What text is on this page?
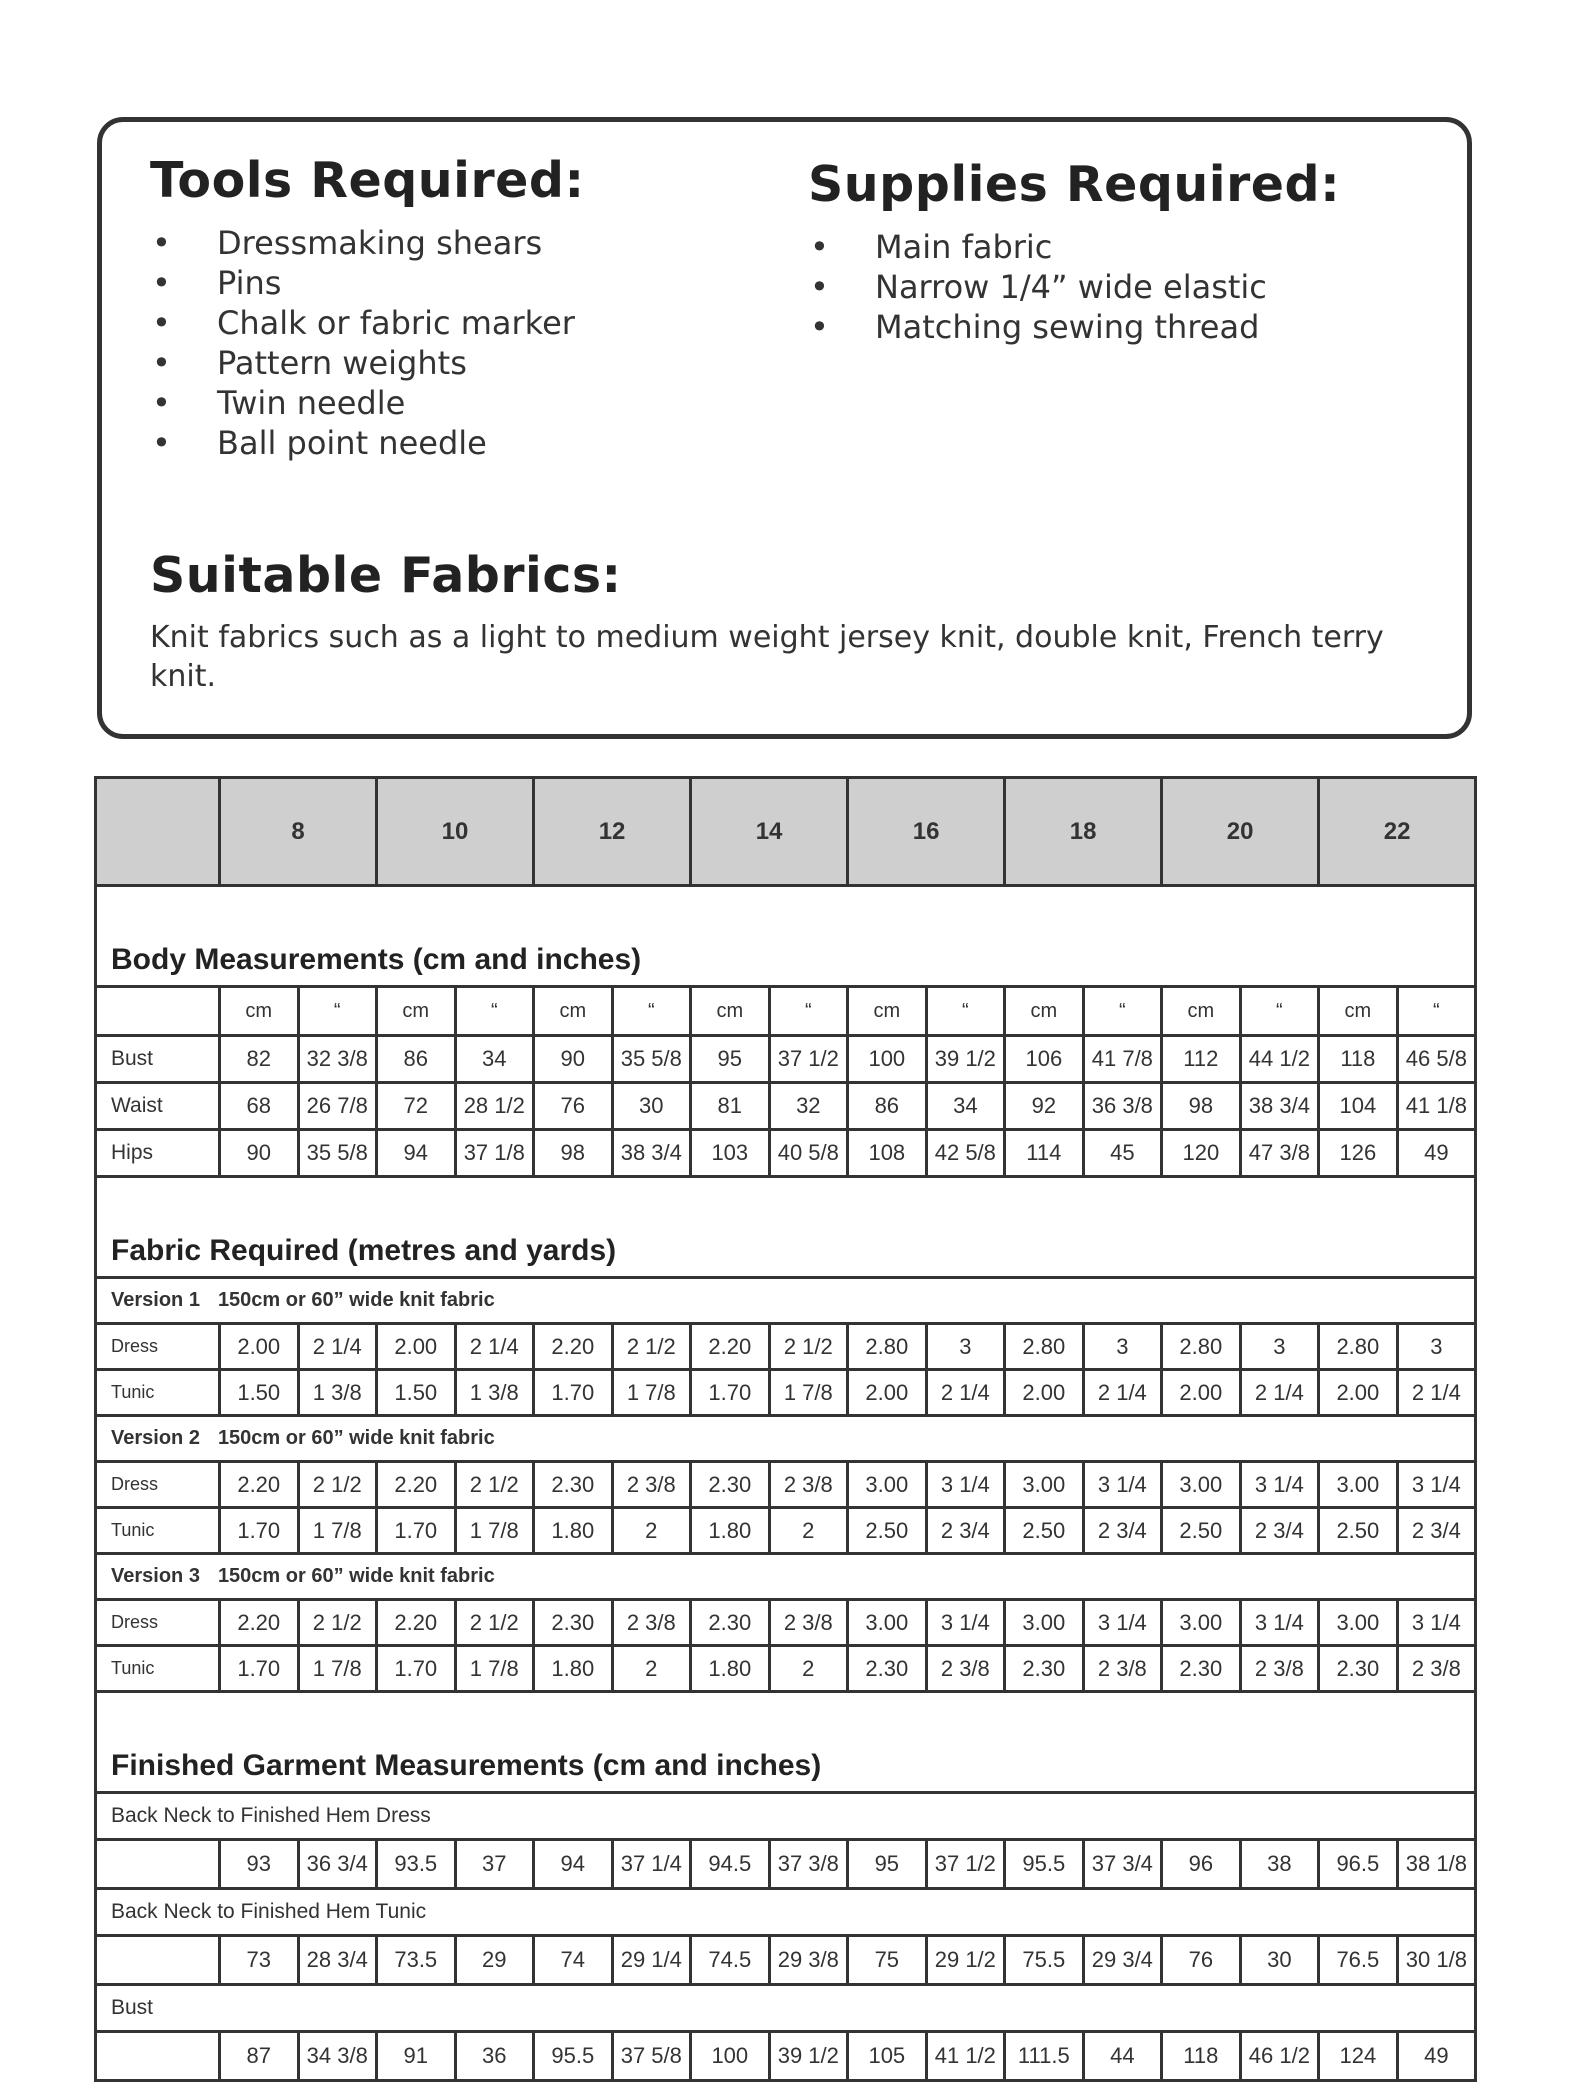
Tools Required:
• Dressmaking shears
• Pins
• Chalk or fabric marker
• Pattern weights
• Twin needle
• Ball point needle
Supplies Required:
• Main fabric
• Narrow 1/4” wide elastic
• Matching sewing thread
Suitable Fabrics:

Knit fabrics such as a light to medium weight jersey knit, double knit, French terry knit.

	8		10		12		14		16		18		20		22	
Body Measurements (cm and inches)																
	cm	“	cm	“	cm	“	cm	“	cm	“	cm	“	cm	“	cm	“
Bust	82	32 3/8	86	34	90	35 5/8	95	37 1/2	100	39 1/2	106	41 7/8	112	44 1/2	118	46 5/8
Waist	68	26 7/8	72	28 1/2	76	30	81	32	86	34	92	36 3/8	98	38 3/4	104	41 1/8
Hips	90	35 5/8	94	37 1/8	98	38 3/4	103	40 5/8	108	42 5/8	114	45	120	47 3/8	126	49
Fabric Required (metres and yards)																
Version 1 150cm or 60” wide knit fabric																
Dress	2.00	2 1/4	2.00	2 1/4	2.20	2 1/2	2.20	2 1/2	2.80	3	2.80	3	2.80	3	2.80	3
Tunic	1.50	1 3/8	1.50	1 3/8	1.70	1 7/8	1.70	1 7/8	2.00	2 1/4	2.00	2 1/4	2.00	2 1/4	2.00	2 1/4
Version 2 150cm or 60” wide knit fabric																
Dress	2.20	2 1/2	2.20	2 1/2	2.30	2 3/8	2.30	2 3/8	3.00	3 1/4	3.00	3 1/4	3.00	3 1/4	3.00	3 1/4
Tunic	1.70	1 7/8	1.70	1 7/8	1.80	2	1.80	2	2.50	2 3/4	2.50	2 3/4	2.50	2 3/4	2.50	2 3/4
Version 3 150cm or 60” wide knit fabric																
Dress	2.20	2 1/2	2.20	2 1/2	2.30	2 3/8	2.30	2 3/8	3.00	3 1/4	3.00	3 1/4	3.00	3 1/4	3.00	3 1/4
Tunic	1.70	1 7/8	1.70	1 7/8	1.80	2	1.80	2	2.30	2 3/8	2.30	2 3/8	2.30	2 3/8	2.30	2 3/8
Finished Garment Measurements (cm and inches)																
Back Neck to Finished Hem Dress																
	93	36 3/4	93.5	37	94	37 1/4	94.5	37 3/8	95	37 1/2	95.5	37 3/4	96	38	96.5	38 1/8
Back Neck to Finished Hem Tunic																
	73	28 3/4	73.5	29	74	29 1/4	74.5	29 3/8	75	29 1/2	75.5	29 3/4	76	30	76.5	30 1/8
Bust																
	87	34 3/8	91	36	95.5	37 5/8	100	39 1/2	105	41 1/2	111.5	44	118	46 1/2	124	49
